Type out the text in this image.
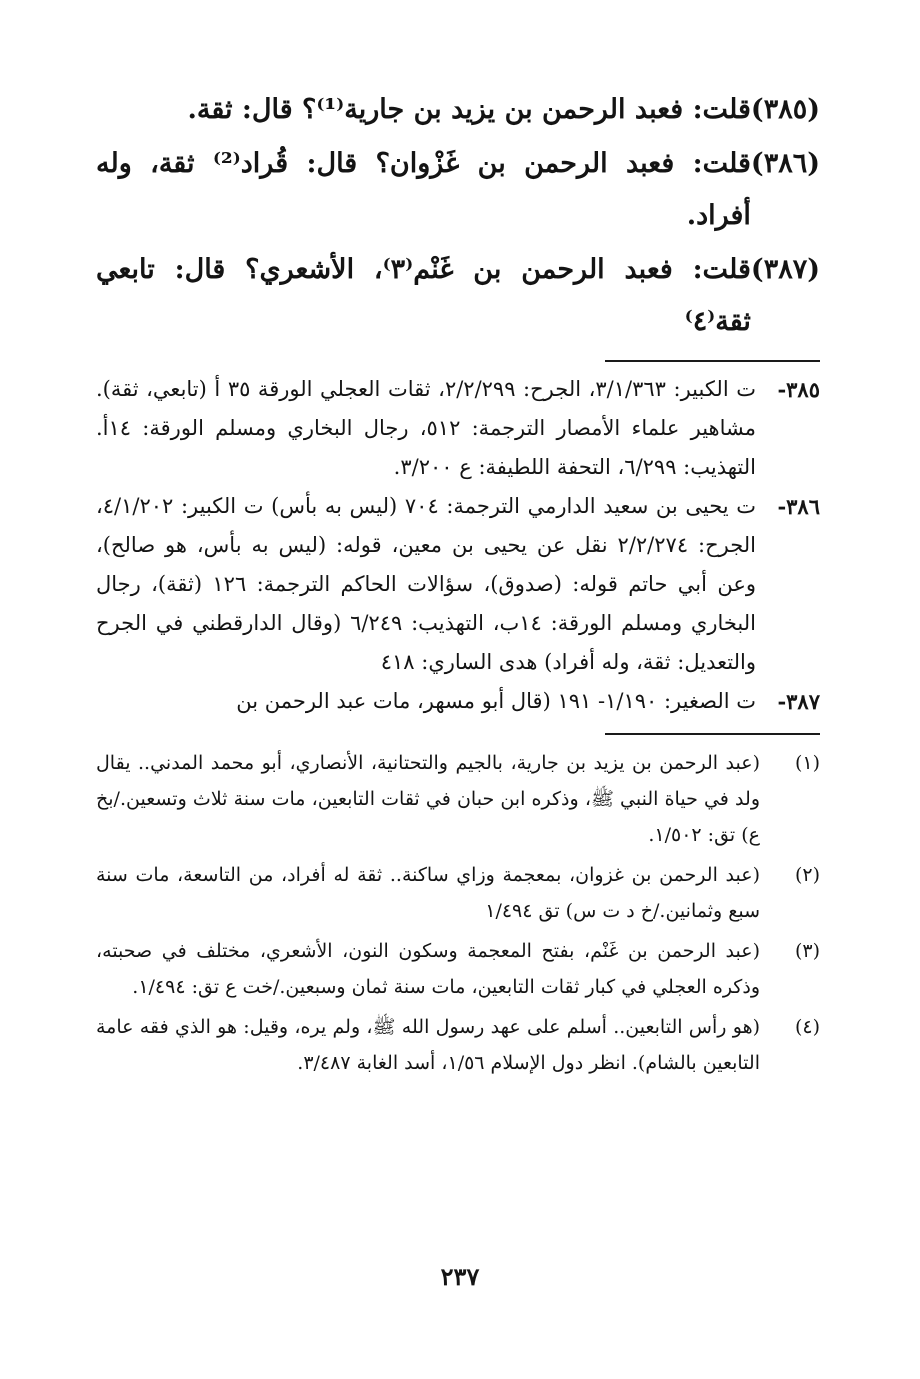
(٣٨٥)
قلت: فعبد الرحمن بن يزيد بن جارية⁽¹⁾؟ قال: ثقة.
(٣٨٦)
قلت: فعبد الرحمن بن غَزْوان؟ قال: قُراد⁽²⁾ ثقة، وله أفراد.
(٣٨٧)
قلت: فعبد الرحمن بن غَنْم⁽٣⁾، الأشعري؟ قال: تابعي ثقة⁽٤⁾
٣٨٥-
ت الكبير: ٣/١/٣٦٣، الجرح: ٢/٢/٢٩٩، ثقات العجلي الورقة ٣٥ أ (تابعي، ثقة). مشاهير علماء الأمصار الترجمة: ٥١٢، رجال البخاري ومسلم الورقة: ١٤أ. التهذيب: ٦/٢٩٩، التحفة اللطيفة: ع ٣/٢٠٠.
٣٨٦-
ت يحيى بن سعيد الدارمي الترجمة: ٧٠٤ (ليس به بأس) ت الكبير: ٤/١/٢٠٢، الجرح: ٢/٢/٢٧٤ نقل عن يحيى بن معين، قوله: (ليس به بأس، هو صالح)، وعن أبي حاتم قوله: (صدوق)، سؤالات الحاكم الترجمة: ١٢٦ (ثقة)، رجال البخاري ومسلم الورقة: ١٤ب، التهذيب: ٦/٢٤٩ (وقال الدارقطني في الجرح والتعديل: ثقة، وله أفراد) هدى الساري: ٤١٨
٣٨٧-
ت الصغير: ١/١٩٠- ١٩١ (قال أبو مسهر، مات عبد الرحمن بن
(١)
(عبد الرحمن بن يزيد بن جارية، بالجيم والتحتانية، الأنصاري، أبو محمد المدني.. يقال ولد في حياة النبي ﷺ، وذكره ابن حبان في ثقات التابعين، مات سنة ثلاث وتسعين./بخ ع) تق: ١/٥٠٢.
(٢)
(عبد الرحمن بن غزوان، بمعجمة وزاي ساكنة.. ثقة له أفراد، من التاسعة، مات سنة سبع وثمانين./خ د ت س) تق ١/٤٩٤
(٣)
(عبد الرحمن بن غَنْم، بفتح المعجمة وسكون النون، الأشعري، مختلف في صحبته، وذكره العجلي في كبار ثقات التابعين، مات سنة ثمان وسبعين./خت ع تق: ١/٤٩٤.
(٤)
(هو رأس التابعين.. أسلم على عهد رسول الله ﷺ، ولم يره، وقيل: هو الذي فقه عامة التابعين بالشام). انظر دول الإسلام ١/٥٦، أسد الغابة ٣/٤٨٧.
٢٣٧
